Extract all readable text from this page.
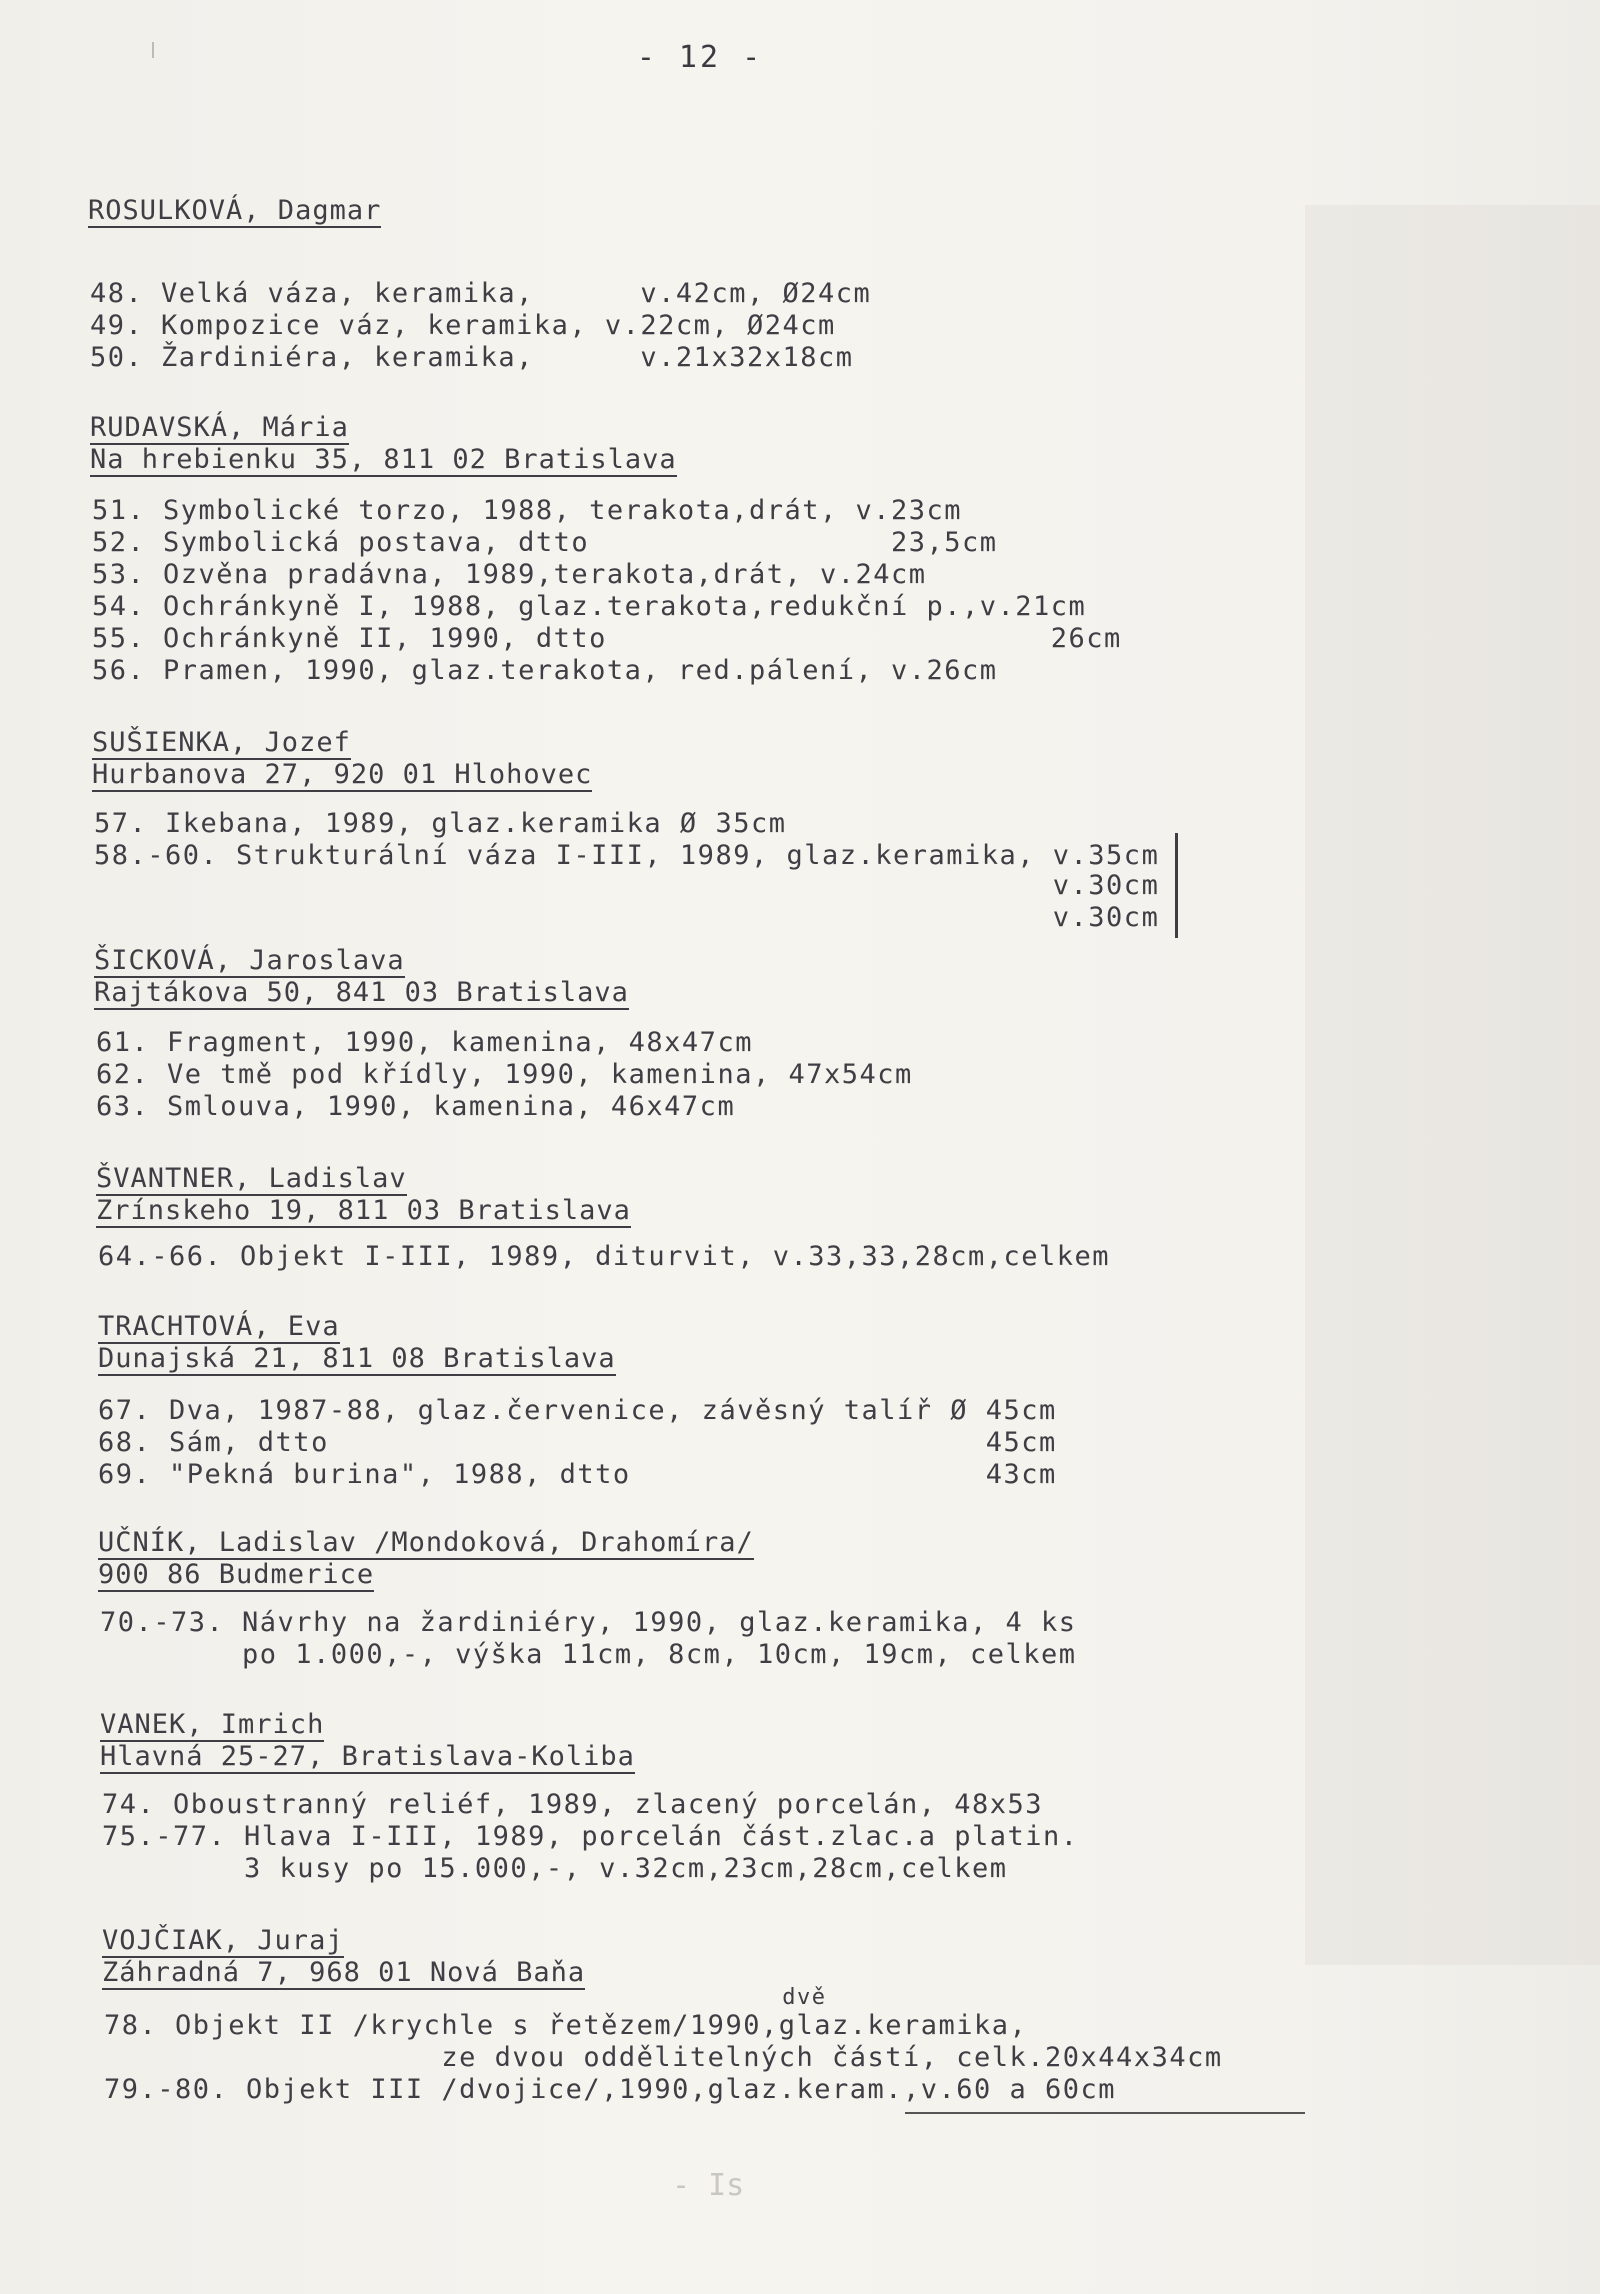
- 12 -
ROSULKOVÁ, Dagmar
48. Velká váza, keramika,      v.42cm, Ø24cm
49. Kompozice váz, keramika, v.22cm, Ø24cm
50. Žardiniéra, keramika,      v.21x32x18cm
RUDAVSKÁ, Mária
Na hrebienku 35, 811 02 Bratislava
51. Symbolické torzo, 1988, terakota,drát, v.23cm
52. Symbolická postava, dtto                 23,5cm
53. Ozvěna pradávna, 1989,terakota,drát, v.24cm
54. Ochránkyně I, 1988, glaz.terakota,redukční p.,v.21cm
55. Ochránkyně II, 1990, dtto                         26cm
56. Pramen, 1990, glaz.terakota, red.pálení, v.26cm
SUŠIENKA, Jozef
Hurbanova 27, 920 01 Hlohovec
57. Ikebana, 1989, glaz.keramika Ø 35cm
58.-60. Strukturální váza I-III, 1989, glaz.keramika, v.35cm
v.30cm
v.30cm
ŠICKOVÁ, Jaroslava
Rajtákova 50, 841 03 Bratislava
61. Fragment, 1990, kamenina, 48x47cm
62. Ve tmě pod křídly, 1990, kamenina, 47x54cm
63. Smlouva, 1990, kamenina, 46x47cm
ŠVANTNER, Ladislav
Zrínskeho 19, 811 03 Bratislava
64.-66. Objekt I-III, 1989, diturvit, v.33,33,28cm,celkem
TRACHTOVÁ, Eva
Dunajská 21, 811 08 Bratislava
67. Dva, 1987-88, glaz.červenice, závěsný talíř Ø 45cm
68. Sám, dtto                                     45cm
69. "Pekná burina", 1988, dtto                    43cm
UČNÍK, Ladislav /Mondoková, Drahomíra/
900 86 Budmerice
70.-73. Návrhy na žardiniéry, 1990, glaz.keramika, 4 ks
po 1.000,-, výška 11cm, 8cm, 10cm, 19cm, celkem
VANEK, Imrich
Hlavná 25-27, Bratislava-Koliba
74. Oboustranný reliéf, 1989, zlacený porcelán, 48x53
75.-77. Hlava I-III, 1989, porcelán část.zlac.a platin.
3 kusy po 15.000,-, v.32cm,23cm,28cm,celkem
VOJČIAK, Juraj
Záhradná 7, 968 01 Nová Baňa
dvě
78. Objekt II /krychle s řetězem/1990,glaz.keramika,
ze dvou oddělitelných částí, celk.20x44x34cm
79.-80. Objekt III /dvojice/,1990,glaz.keram.,v.60 a 60cm
- Is
